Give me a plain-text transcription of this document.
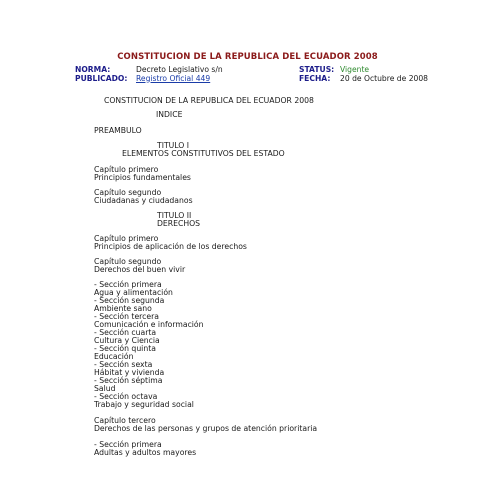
CONSTITUCION DE LA REPUBLICA DEL ECUADOR 2008
NORMA:	Decreto Legislativo s/n	STATUS: Vigente
PUBLICADO: Registro Oficial 449	FECHA: 20 de Octubre de 2008
CONSTITUCION DE LA REPUBLICA DEL ECUADOR 2008
INDICE
PREAMBULO
TITULO I
ELEMENTOS CONSTITUTIVOS DEL ESTADO
Capítulo primero
Principios fundamentales
Capítulo segundo
Ciudadanas y ciudadanos
TITULO II
DERECHOS
Capítulo primero
Principios de aplicación de los derechos
Capítulo segundo
Derechos del buen vivir
- Sección primera
Agua y alimentación
- Sección segunda
Ambiente sano
- Sección tercera
Comunicación e información
- Sección cuarta
Cultura y Ciencia
- Sección quinta
Educación
- Sección sexta
Hábitat y vivienda
- Sección séptima
Salud
- Sección octava
Trabajo y seguridad social
Capítulo tercero
Derechos de las personas y grupos de atención prioritaria
- Sección primera
Adultas y adultos mayores
